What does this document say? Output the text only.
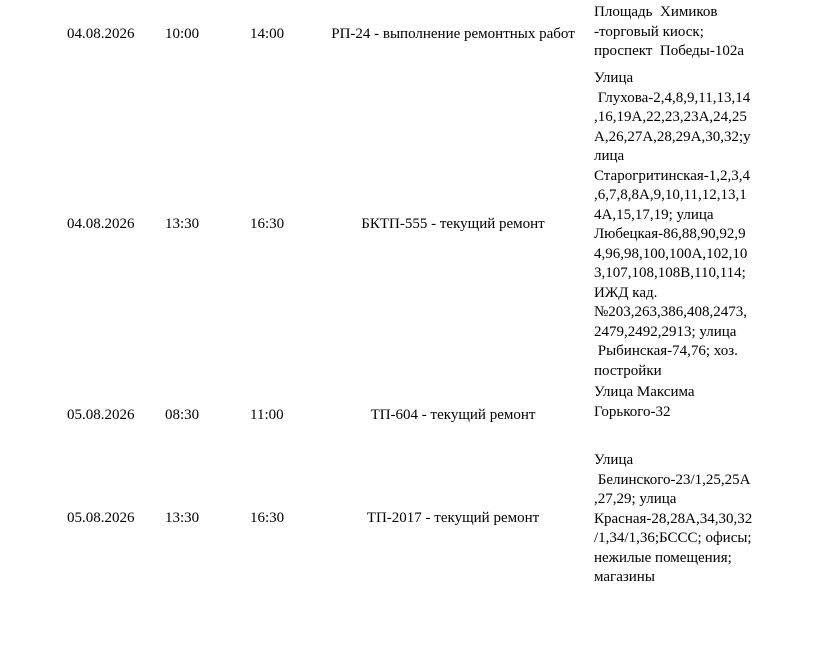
04.08.2026 10:00	14:00	РП-24 - выполнение ремонтных работ
Площадь  Химиков
-торговый киоск;
проспект  Победы-102а
04.08.2026 13:30	16:30	БКТП-555 - текущий ремонт
Улица
Глухова-2,4,8,9,11,13,14
,16,19А,22,23,23А,24,25
А,26,27А,28,29А,30,32;у
лица
Старогритинская-1,2,3,4
,6,7,8,8А,9,10,11,12,13,1
4А,15,17,19; улица
Любецкая-86,88,90,92,9
4,96,98,100,100А,102,10
3,107,108,108В,110,114;
ИЖД кад.
№203,263,386,408,2473,
2479,2492,2913; улица
Рыбинская-74,76; хоз.
постройки
05.08.2026 08:30	11:00	ТП-604 - текущий ремонт
Улица Максима
Горького-32
05.08.2026 13:30	16:30	ТП-2017 - текущий ремонт
Улица
Белинского-23/1,25,25А
,27,29; улица
Красная-28,28А,34,30,32
/1,34/1,36;БССС; офисы;
нежилые помещения;
магазины
